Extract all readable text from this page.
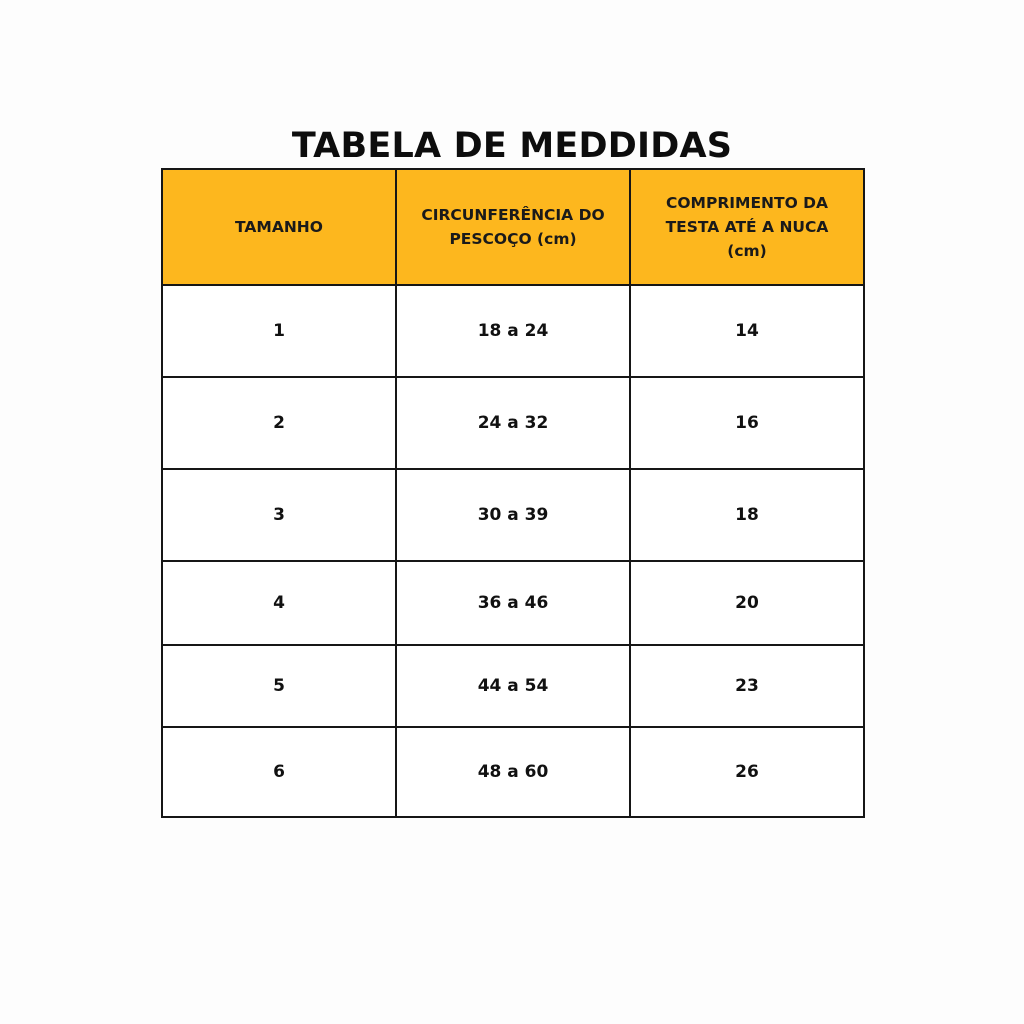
TABELA DE MEDDIDAS
TAMANHO	CIRCUNFERÊNCIA DO PESCOÇO (cm)	COMPRIMENTO DA TESTA ATÉ A NUCA (cm)
1	18 a 24	14
2	24 a 32	16
3	30 a 39	18
4	36 a 46	20
5	44 a 54	23
6	48 a 60	26
